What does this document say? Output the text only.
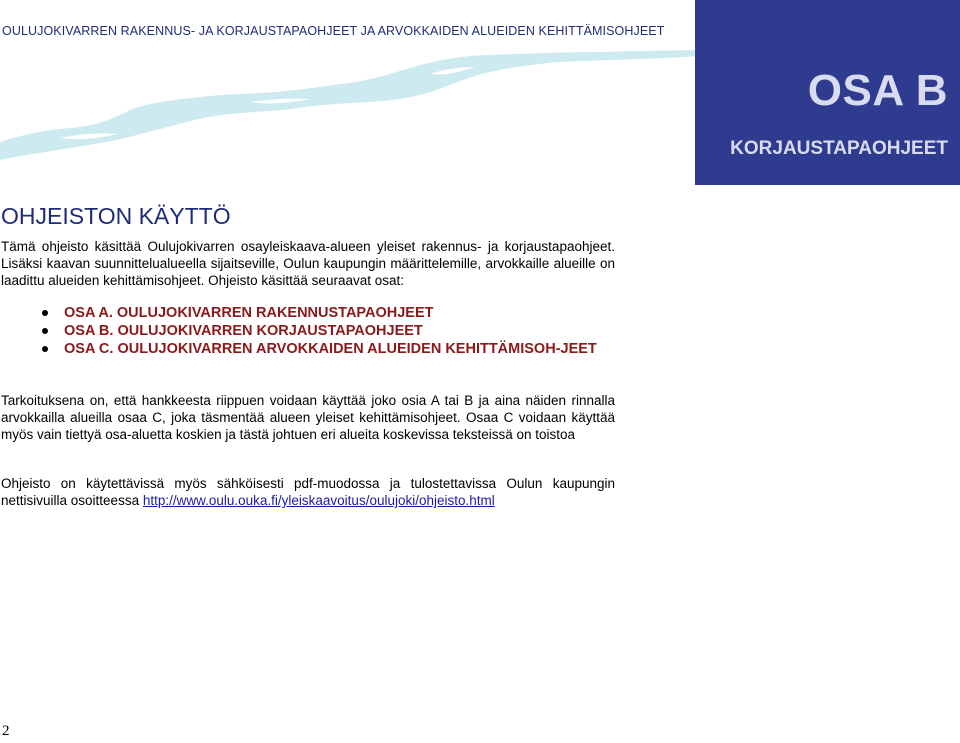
OULUJOKIVARREN RAKENNUS- JA KORJAUSTAPAOHJEET JA ARVOKKAIDEN ALUEIDEN KEHITTÄMISOHJEET
OSA B
KORJAUSTAPAOHJEET
OHJEISTON KÄYTTÖ

Tämä ohjeisto käsittää Oulujokivarren osayleiskaava-alueen yleiset rakennus- ja korjaustapaohjeet. Lisäksi kaavan suunnittelualueella sijaitseville, Oulun kaupungin määrittelemille, arvokkaille alueille on laadittu alueiden kehittämisohjeet. Ohjeisto käsittää seuraavat osat:

OSA A. OULUJOKIVARREN RAKENNUSTAPAOHJEET
OSA B. OULUJOKIVARREN KORJAUSTAPAOHJEET
OSA C. OULUJOKIVARREN ARVOKKAIDEN ALUEIDEN KEHITTÄMISOH-JEET

Tarkoituksena on, että hankkeesta riippuen voidaan käyttää joko osia A tai B ja aina näiden rinnalla arvokkailla alueilla osaa C, joka täsmentää alueen yleiset kehittämisohjeet. Osaa C voidaan käyttää myös vain tiettyä osa-aluetta koskien ja tästä johtuen eri alueita koskevissa teksteissä on toistoa

Ohjeisto on käytettävissä myös sähköisesti pdf-muodossa ja tulostettavissa Oulun kaupungin nettisivuilla osoitteessa http://www.oulu.ouka.fi/yleiskaavoitus/oulujoki/ohjeisto.html

2
